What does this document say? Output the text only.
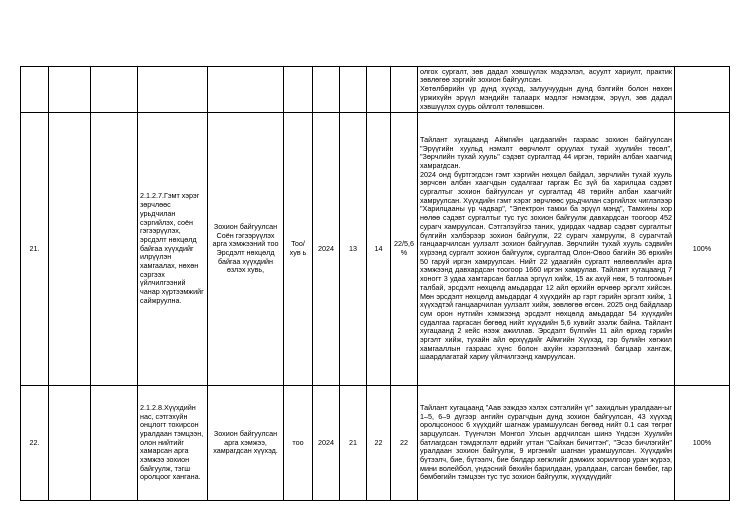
										олгох сургалт, зөв дадал хэвшүүлэх мэдээлэл, асуулт хариулт, практик зөвлөгөө зэргийг зохион байгуулсан.
Хөтөлбөрийн үр дүнд хүүхэд, залуучуудын дунд бэлгийн болон нөхөн үржихүйн эрүүл мэндийн талаарх мэдлэг нэмэгдэж, эрүүл, зөв дадал хэвшүүлэх суурь ойлголт төлөвшсөн.	
21.			2.1.2.7.Гэмт хэрэг зөрчлөөс урьдчилан сэргийлэх, соён гэгээрүүлэх, эрсдэлт нөхцөлд байгаа хүүхдийг илрүүлэн хамгаалах, нөхөн сэргээх үйлчилгээний чанар хүртээмжийг сайжруулна.	Зохион байгуулсан Соён гэгээрүүлэх арга хэмжээний тоо
Эрсдэлт нөхцөлд байгаа хүүхдийн өзлэх хувь,	Тоо/ хув ь	2024	13	14	22/5,6 %	Тайлант хугацаанд Аймгийн цагдаагийн газраас зохион байгуулсан "Эрүүгийн хуульд нэмэлт өөрчлөлт оруулах тухай хуулийн төсөл", "Зөрчлийн тухай хууль" сэдэвт сургалтад 44 иргэн, төрийн албан хаагчид хамрагдсан.
2024 онд бүртгэгдсэн гэмт хэргийн нөхцөл байдал, зөрчлийн тухай хууль зөрчсөн албан хаагчдын судалгааг гаргаж Ёс зүй ба харилцаа сэдэвт сургалтыг зохион байгуулсан уг сургалтад 48 төрийн албан хаагчийг хамруулсан. Хүүхдийн гэмт хэрэг зөрчлөөс урьдчилан сэргийлэх чиглэлээр "Харилцааны үр чадвар", "Электрон тамхи ба эрүүл мэнд", Тамхины хор нөлөө сэдэвт сургалтыг тус тус зохион байгуулж давхардсан тоогоор 452 сурагч хамруулсан. Сэтгэлзүйгээ таних, удирдах чадвар сэдэвт сургалтыг бүлгийн хэлбэрээр зохион байгуулж, 22 сурагч хамруулж, 8 сурагчтай ганцаарчилсан уулзалт зохион байгуулав. Зөрчлийн тухай хууль сэдвийн хүрээнд сургалт зохион байгуулж, сургалтад Олон-Овоо багийн 36 өрхийн 50 гаруй иргэн хамруулсан. Нийт 22 удаагийн сургалт нөлөөллийн арга хэмжээнд давхардсан тоогоор 1660 иргэн хамрулав. Тайлант хугацаанд 7 хоногт 3 удаа хамтарсан баглаа эргүүл хийж, 15 ак ахүй нөж, 5 толгоомын талбай, эрсдэлт нөхцөлд амьдардаг 12 айл өрхийн өрчөөр эргэлт хийсэн. Мөн эрсдэлт нөхцөлд амьдардаг 4 хүүхдийн ар гэрт гэрийн эргэлт хийж, 1 хүүхэдтэй ганцаарчилан уулзалт хийж, зөвлөгөө өгсөн. 2025 онд байдлаар сум орон нутгийн хэмжээнд эрсдэлт нөхцөлд амьдардаг 54 хүүхдийн судалгаа гаргасан бөгөөд нийт хүүхдийн 5,6 хувийг эзэлж байна. Тайлант хугацаанд 2 кейс нээж ажиллав. Эрсдэлт бүлгийн 11 айл өрхөд гэрийн эргэлт хийж, тухайн айл өрхүүдийг Аймгийн Хүүхэд, гэр бүлийн хөгжил хамгааллын газраас хүнс болон ахуйн хэрэглээний багцаар хангаж, шаардлагатай хариу үйлчилгээнд хамруулсан.	100%
22.			2.1.2.8.Хүүхдийн нас, сэтгэхүйн онцлогт тохирсон уралдаан тэмцээн, олон нийтийг хамарсан арга хэмжээ зохион байгуулж, тэгш оролцоог хангана.	Зохион байгуулсан арга хэмжээ, хамрагдсан хүүхэд.	тоо	2024	21	22	22	Тайлант хугацаанд "Аав ээждээ хэлэх сэтгэлийн үг" захидлын уралдаан-ыг 1–5, 6–9 дүгээр ангийн сурагчдын дунд зохион байгуулсан, 43 хүүхэд оролцсоноос 6 хүүхдийг шагнаж урамшуулсан бөгөөд нийт 0.1 сая төгрөг зарцуулсан. Түүнчлэн Монгол Улсын ардчилсан шинэ Үндсэн Хуулийн батлагдсан тэмдэглэлт өдрийг угтан "Сайхан бичигтэн", "Эсээ бичлэгийн" уралдаан зохион байгуулж, 9 иргэнийг шагнан урамшуулсан. Хүүхдийн бүтээлч, бие, бүтээлч, бие бялдар хөгжлийг дэмжих зорилгоор уран жүрээ, мини волейбол, үндэсний бөхийн барилдаан, уралдаан, сагсан бөмбөг, гар бөмбөгийн тэмцээн тус тус зохион байгуулж, хүүхдүүдийг	100%
